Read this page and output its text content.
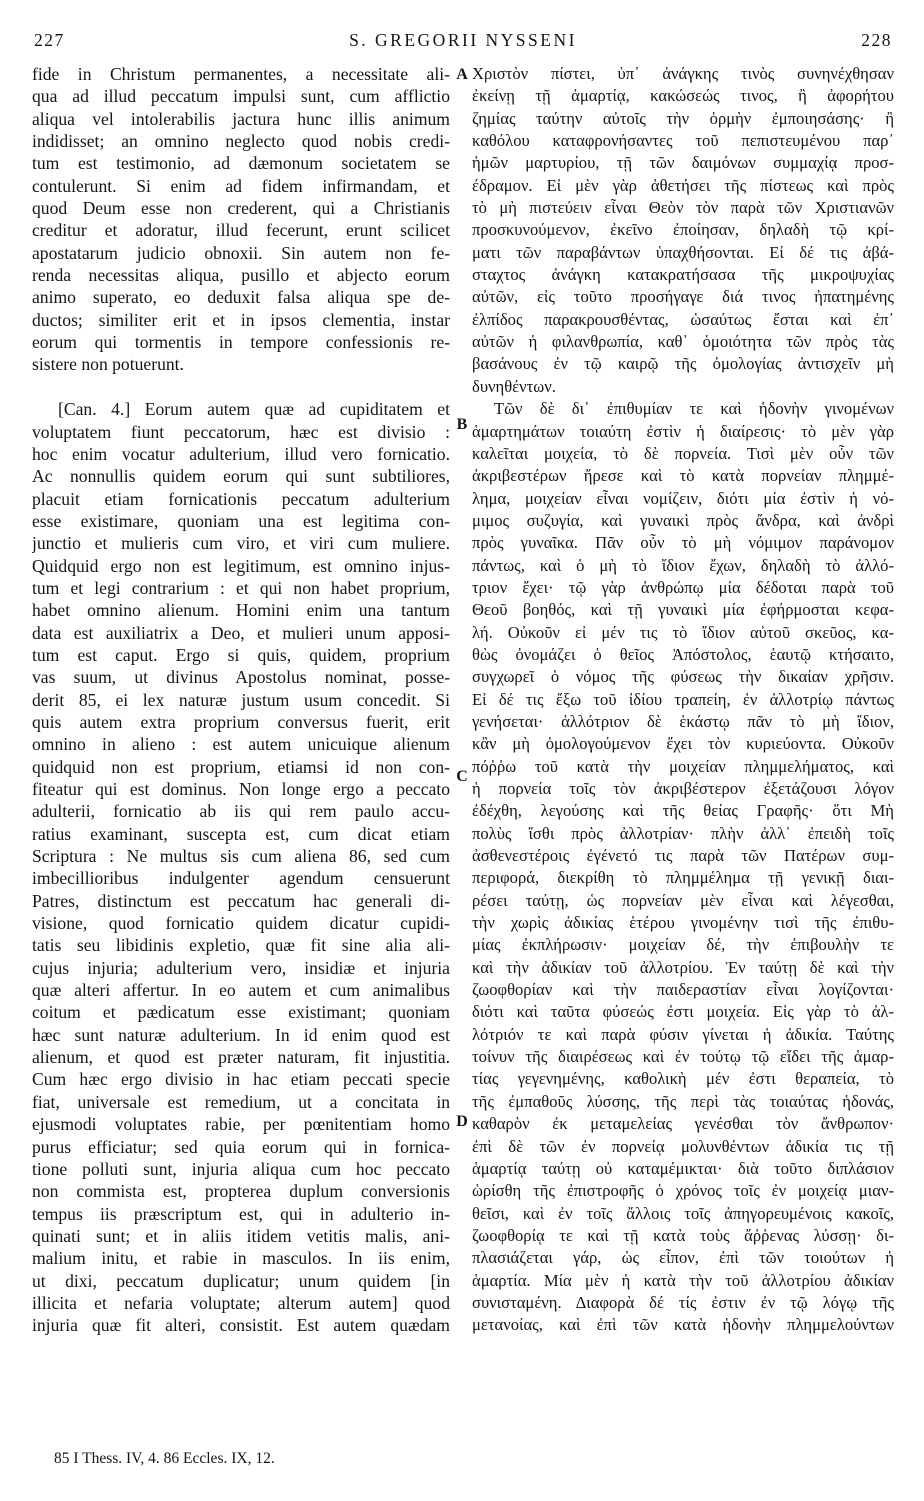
227	S. GREGORII NYSSENI	228
fide in Christum permanentes, a necessitate ali-
qua ad illud peccatum impulsi sunt, cum afflictio
aliqua vel intolerabilis jactura hunc illis animum
indidisset; an omnino neglecto quod nobis credi-
tum est testimonio, ad dæmonum societatem se
contulerunt. Si enim ad fidem infirmandam, et
quod Deum esse non crederent, qui a Christianis
creditur et adoratur, illud fecerunt, erunt scilicet
apostatarum judicio obnoxii. Sin autem non fe-
renda necessitas aliqua, pusillo et abjecto eorum
animo superato, eo deduxit falsa aliqua spe de-
ductos; similiter erit et in ipsos clementia, instar
eorum qui tormentis in tempore confessionis re-
sistere non potuerunt.
[Can. 4.] Eorum autem quæ ad cupiditatem et
voluptatem fiunt peccatorum, hæc est divisio :
hoc enim vocatur adulterium, illud vero fornicatio.
Ac nonnullis quidem eorum qui sunt subtiliores,
placuit etiam fornicationis peccatum adulterium
esse existimare, quoniam una est legitima con-
junctio et mulieris cum viro, et viri cum muliere.
Quidquid ergo non est legitimum, est omnino injus-
tum et legi contrarium : et qui non habet proprium,
habet omnino alienum. Homini enim una tantum
data est auxiliatrix a Deo, et mulieri unum apposi-
tum est caput. Ergo si quis, quidem, proprium
vas suum, ut divinus Apostolus nominat, posse-
derit 85, ei lex naturæ justum usum concedit. Si
quis autem extra proprium conversus fuerit, erit
omnino in alieno : est autem unicuique alienum
quidquid non est proprium, etiamsi id non con-
fiteatur qui est dominus. Non longe ergo a peccato
adulterii, fornicatio ab iis qui rem paulo accu-
ratius examinant, suscepta est, cum dicat etiam
Scriptura : Ne multus sis cum aliena 86, sed cum
imbecillioribus indulgenter agendum censuerunt
Patres, distinctum est peccatum hac generali di-
visione, quod fornicatio quidem dicatur cupidi-
tatis seu libidinis expletio, quæ fit sine alia ali-
cujus injuria; adulterium vero, insidiæ et injuria
quæ alteri affertur. In eo autem et cum animalibus
coitum et pædicatum esse existimant; quoniam
hæc sunt naturæ adulterium. In id enim quod est
alienum, et quod est præter naturam, fit injustitia.
Cum hæc ergo divisio in hac etiam peccati specie
fiat, universale est remedium, ut a concitata in
ejusmodi voluptates rabie, per pœnitentiam homo
purus efficiatur; sed quia eorum qui in fornica-
tione polluti sunt, injuria aliqua cum hoc peccato
non commista est, propterea duplum conversionis
tempus iis præscriptum est, qui in adulterio in-
quinati sunt; et in aliis itidem vetitis malis, ani-
malium initu, et rabie in masculos. In iis enim,
ut dixi, peccatum duplicatur; unum quidem [in
illicita et nefaria voluptate; alterum autem] quod
injuria quæ fit alteri, consistit. Est autem quædam
Χριστὸν πίστει, ὑπ᾽ ἀνάγκης τινὸς συνηνέχθησαν
ἐκείνῃ τῇ ἁμαρτίᾳ, κακώσεώς τινος, ἢ ἀφορήτου
ζημίας ταύτην αὐτοῖς τὴν ὁρμὴν ἐμποιησάσης· ἢ
καθόλου καταφρονήσαντες τοῦ πεπιστευμένου παρ᾽
ἡμῶν μαρτυρίου, τῇ τῶν δαιμόνων συμμαχίᾳ προσ-
έδραμον. Εἰ μὲν γὰρ ἀθετήσει τῆς πίστεως καὶ πρὸς
τὸ μὴ πιστεύειν εἶναι Θεὸν τὸν παρὰ τῶν Χριστιανῶν
προσκυνούμενον, ἐκεῖνο ἐποίησαν, δηλαδὴ τῷ κρί-
ματι τῶν παραβάντων ὑπαχθήσονται. Εἰ δέ τις ἀβά-
σταχτος ἀνάγκη κατακρατήσασα τῆς μικροψυχίας
αὐτῶν, εἰς τοῦτο προσήγαγε διά τινος ἠπατημένης
ἐλπίδος παρακρουσθέντας, ὡσαύτως ἔσται καὶ ἐπ᾽
αὐτῶν ἡ φιλανθρωπία, καθ᾽ ὁμοιότητα τῶν πρὸς τὰς
βασάνους ἐν τῷ καιρῷ τῆς ὁμολογίας ἀντισχεῖν μὴ
δυνηθέντων.
Τῶν δὲ δι᾽ ἐπιθυμίαν τε καὶ ἡδονὴν γινομένων
ἁμαρτημάτων τοιαύτη ἐστὶν ἡ διαίρεσις· τὸ μὲν γὰρ
καλεῖται μοιχεία, τὸ δὲ πορνεία. Τισὶ μὲν οὖν τῶν
ἀκριβεστέρων ἤρεσε καὶ τὸ κατὰ πορνείαν πλημμέ-
λημα, μοιχείαν εἶναι νομίζειν, διότι μία ἐστὶν ἡ νό-
μιμος συζυγία, καὶ γυναικὶ πρὸς ἄνδρα, καὶ ἀνδρὶ
πρὸς γυναῖκα. Πᾶν οὖν τὸ μὴ νόμιμον παράνομον
πάντως, καὶ ὁ μὴ τὸ ἴδιον ἔχων, δηλαδὴ τὸ ἀλλό-
τριον ἔχει· τῷ γὰρ ἀνθρώπῳ μία δέδοται παρὰ τοῦ
Θεοῦ βοηθός, καὶ τῇ γυναικὶ μία ἐφήρμοσται κεφα-
λή. Οὐκοῦν εἰ μέν τις τὸ ἴδιον αὐτοῦ σκεῦος, κα-
θὼς ὀνομάζει ὁ θεῖος Ἀπόστολος, ἑαυτῷ κτήσαιτο,
συγχωρεῖ ὁ νόμος τῆς φύσεως τὴν δικαίαν χρῆσιν.
Εἰ δέ τις ἔξω τοῦ ἰδίου τραπείη, ἐν ἀλλοτρίῳ πάντως
γενήσεται· ἀλλότριον δὲ ἑκάστῳ πᾶν τὸ μὴ ἴδιον,
κἂν μὴ ὁμολογούμενον ἔχει τὸν κυριεύοντα. Οὐκοῦν
πόῤῥω τοῦ κατὰ τὴν μοιχείαν πλημμελήματος, καὶ
ἡ πορνεία τοῖς τὸν ἀκριβέστερον ἐξετάζουσι λόγον
ἐδέχθη, λεγούσης καὶ τῆς θείας Γραφῆς· ὅτι Μὴ
πολὺς ἴσθι πρὸς ἀλλοτρίαν· πλὴν ἀλλ᾽ ἐπειδὴ τοῖς
ἀσθενεστέροις ἐγένετό τις παρὰ τῶν Πατέρων συμ-
περιφορά, διεκρίθη τὸ πλημμέλημα τῇ γενικῇ διαι-
ρέσει ταύτῃ, ὡς πορνείαν μὲν εἶναι καὶ λέγεσθαι,
τὴν χωρὶς ἀδικίας ἑτέρου γινομένην τισὶ τῆς ἐπιθυ-
μίας ἐκπλήρωσιν· μοιχείαν δέ, τὴν ἐπιβουλὴν τε
καὶ τὴν ἀδικίαν τοῦ ἀλλοτρίου. Ἐν ταύτῃ δὲ καὶ τὴν
ζωοφθορίαν καὶ τὴν παιδεραστίαν εἶναι λογίζονται·
διότι καὶ ταῦτα φύσεώς ἐστι μοιχεία. Εἰς γὰρ τὸ ἀλ-
λότριόν τε καὶ παρὰ φύσιν γίνεται ἡ ἀδικία. Ταύτης
τοίνυν τῆς διαιρέσεως καὶ ἐν τούτῳ τῷ εἴδει τῆς ἁμαρ-
τίας γεγενημένης, καθολικὴ μέν ἐστι θεραπεία, τὸ
τῆς ἐμπαθοῦς λύσσης, τῆς περὶ τὰς τοιαύτας ἡδονάς,
καθαρὸν ἐκ μεταμελείας γενέσθαι τὸν ἄνθρωπον·
ἐπὶ δὲ τῶν ἐν πορνείᾳ μολυνθέντων ἀδικία τις τῇ
ἁμαρτίᾳ ταύτῃ οὐ καταμέμικται· διὰ τοῦτο διπλάσιον
ὡρίσθη τῆς ἐπιστροφῆς ὁ χρόνος τοῖς ἐν μοιχείᾳ μιαν-
θεῖσι, καὶ ἐν τοῖς ἄλλοις τοῖς ἀπηγορευμένοις κακοῖς,
ζωοφθορίᾳ τε καὶ τῇ κατὰ τοὺς ἄῤῥενας λύσσῃ· δι-
πλασιάζεται γάρ, ὡς εἶπον, ἐπὶ τῶν τοιούτων ἡ
ἁμαρτία. Μία μὲν ἡ κατὰ τὴν τοῦ ἀλλοτρίου ἀδικίαν
συνισταμένη. Διαφορὰ δέ τίς ἐστιν ἐν τῷ λόγῳ τῆς
μετανοίας, καὶ ἐπὶ τῶν κατὰ ἡδονὴν πλημμελούντων
A
B
C
D
85 I Thess. IV, 4. 86 Eccles. IX, 12.
